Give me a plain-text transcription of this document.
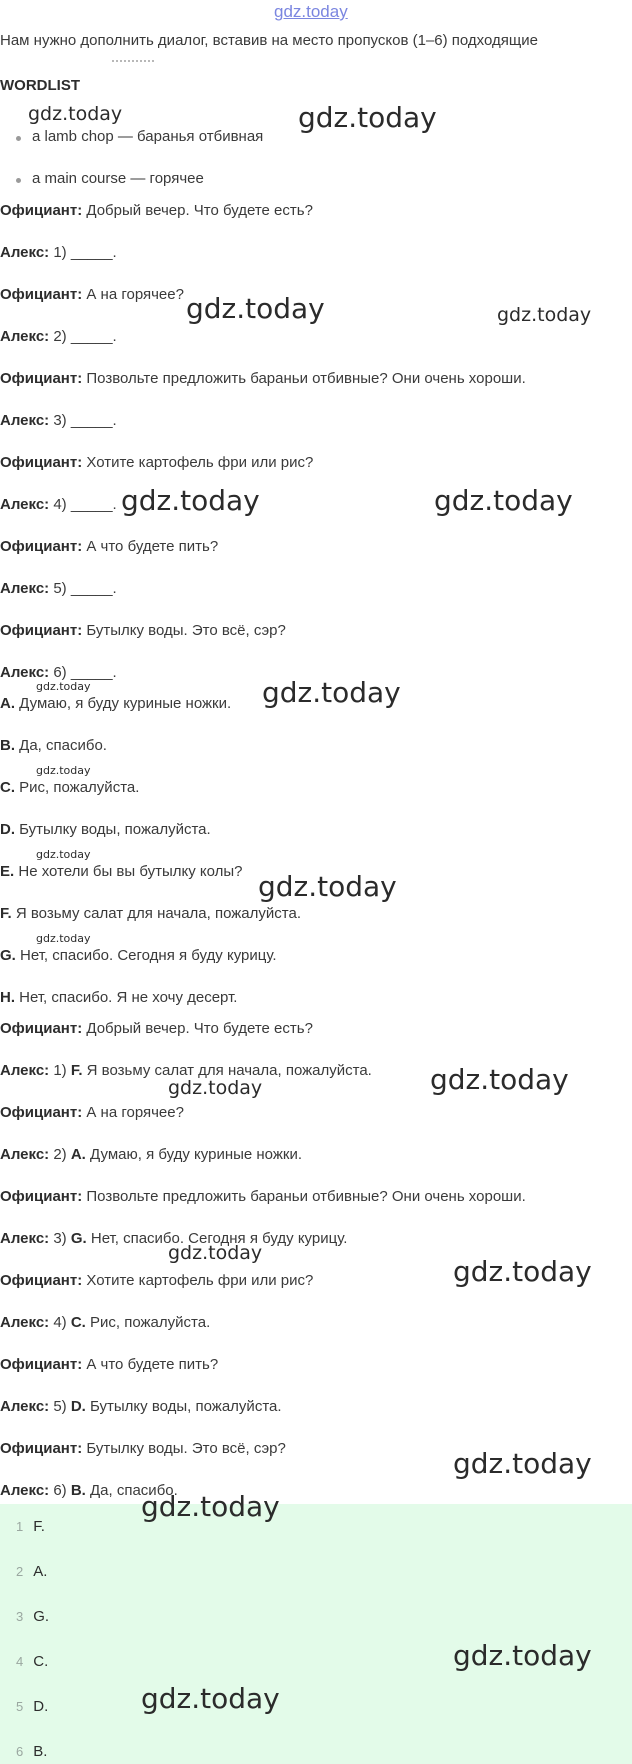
gdz.today
Нам нужно дополнить диалог, вставив на место пропусков (1–6) подходящие
WORDLIST
a lamb chop — баранья отбивная
a main course — горячее
Официант: Добрый вечер. Что будете есть?
Алекс: 1) _____.
Официант: А на горячее?
Алекс: 2) _____.
Официант: Позвольте предложить бараньи отбивные? Они очень хороши.
Алекс: 3) _____.
Официант: Хотите картофель фри или рис?
Алекс: 4) _____.
Официант: А что будете пить?
Алекс: 5) _____.
Официант: Бутылку воды. Это всё, сэр?
Алекс: 6) _____.
A. Думаю, я буду куриные ножки.
B. Да, спасибо.
C. Рис, пожалуйста.
D. Бутылку воды, пожалуйста.
E. Не хотели бы вы бутылку колы?
F. Я возьму салат для начала, пожалуйста.
G. Нет, спасибо. Сегодня я буду курицу.
H. Нет, спасибо. Я не хочу десерт.
Официант: Добрый вечер. Что будете есть?
Алекс: 1) F. Я возьму салат для начала, пожалуйста.
Официант: А на горячее?
Алекс: 2) A. Думаю, я буду куриные ножки.
Официант: Позвольте предложить бараньи отбивные? Они очень хороши.
Алекс: 3) G. Нет, спасибо. Сегодня я буду курицу.
Официант: Хотите картофель фри или рис?
Алекс: 4) C. Рис, пожалуйста.
Официант: А что будете пить?
Алекс: 5) D. Бутылку воды, пожалуйста.
Официант: Бутылку воды. Это всё, сэр?
Алекс: 6) B. Да, спасибо.
1 F.
2 A.
3 G.
4 C.
5 D.
6 B.
gdz.today	gdz.today
gdz.today	gdz.today
gdz.today	gdz.today
gdz.today	gdz.today
gdz.today
gdz.today
gdz.today
gdz.today
gdz.today	gdz.today
gdz.today
gdz.today
gdz.today
gdz.today
gdz.today
gdz.today
